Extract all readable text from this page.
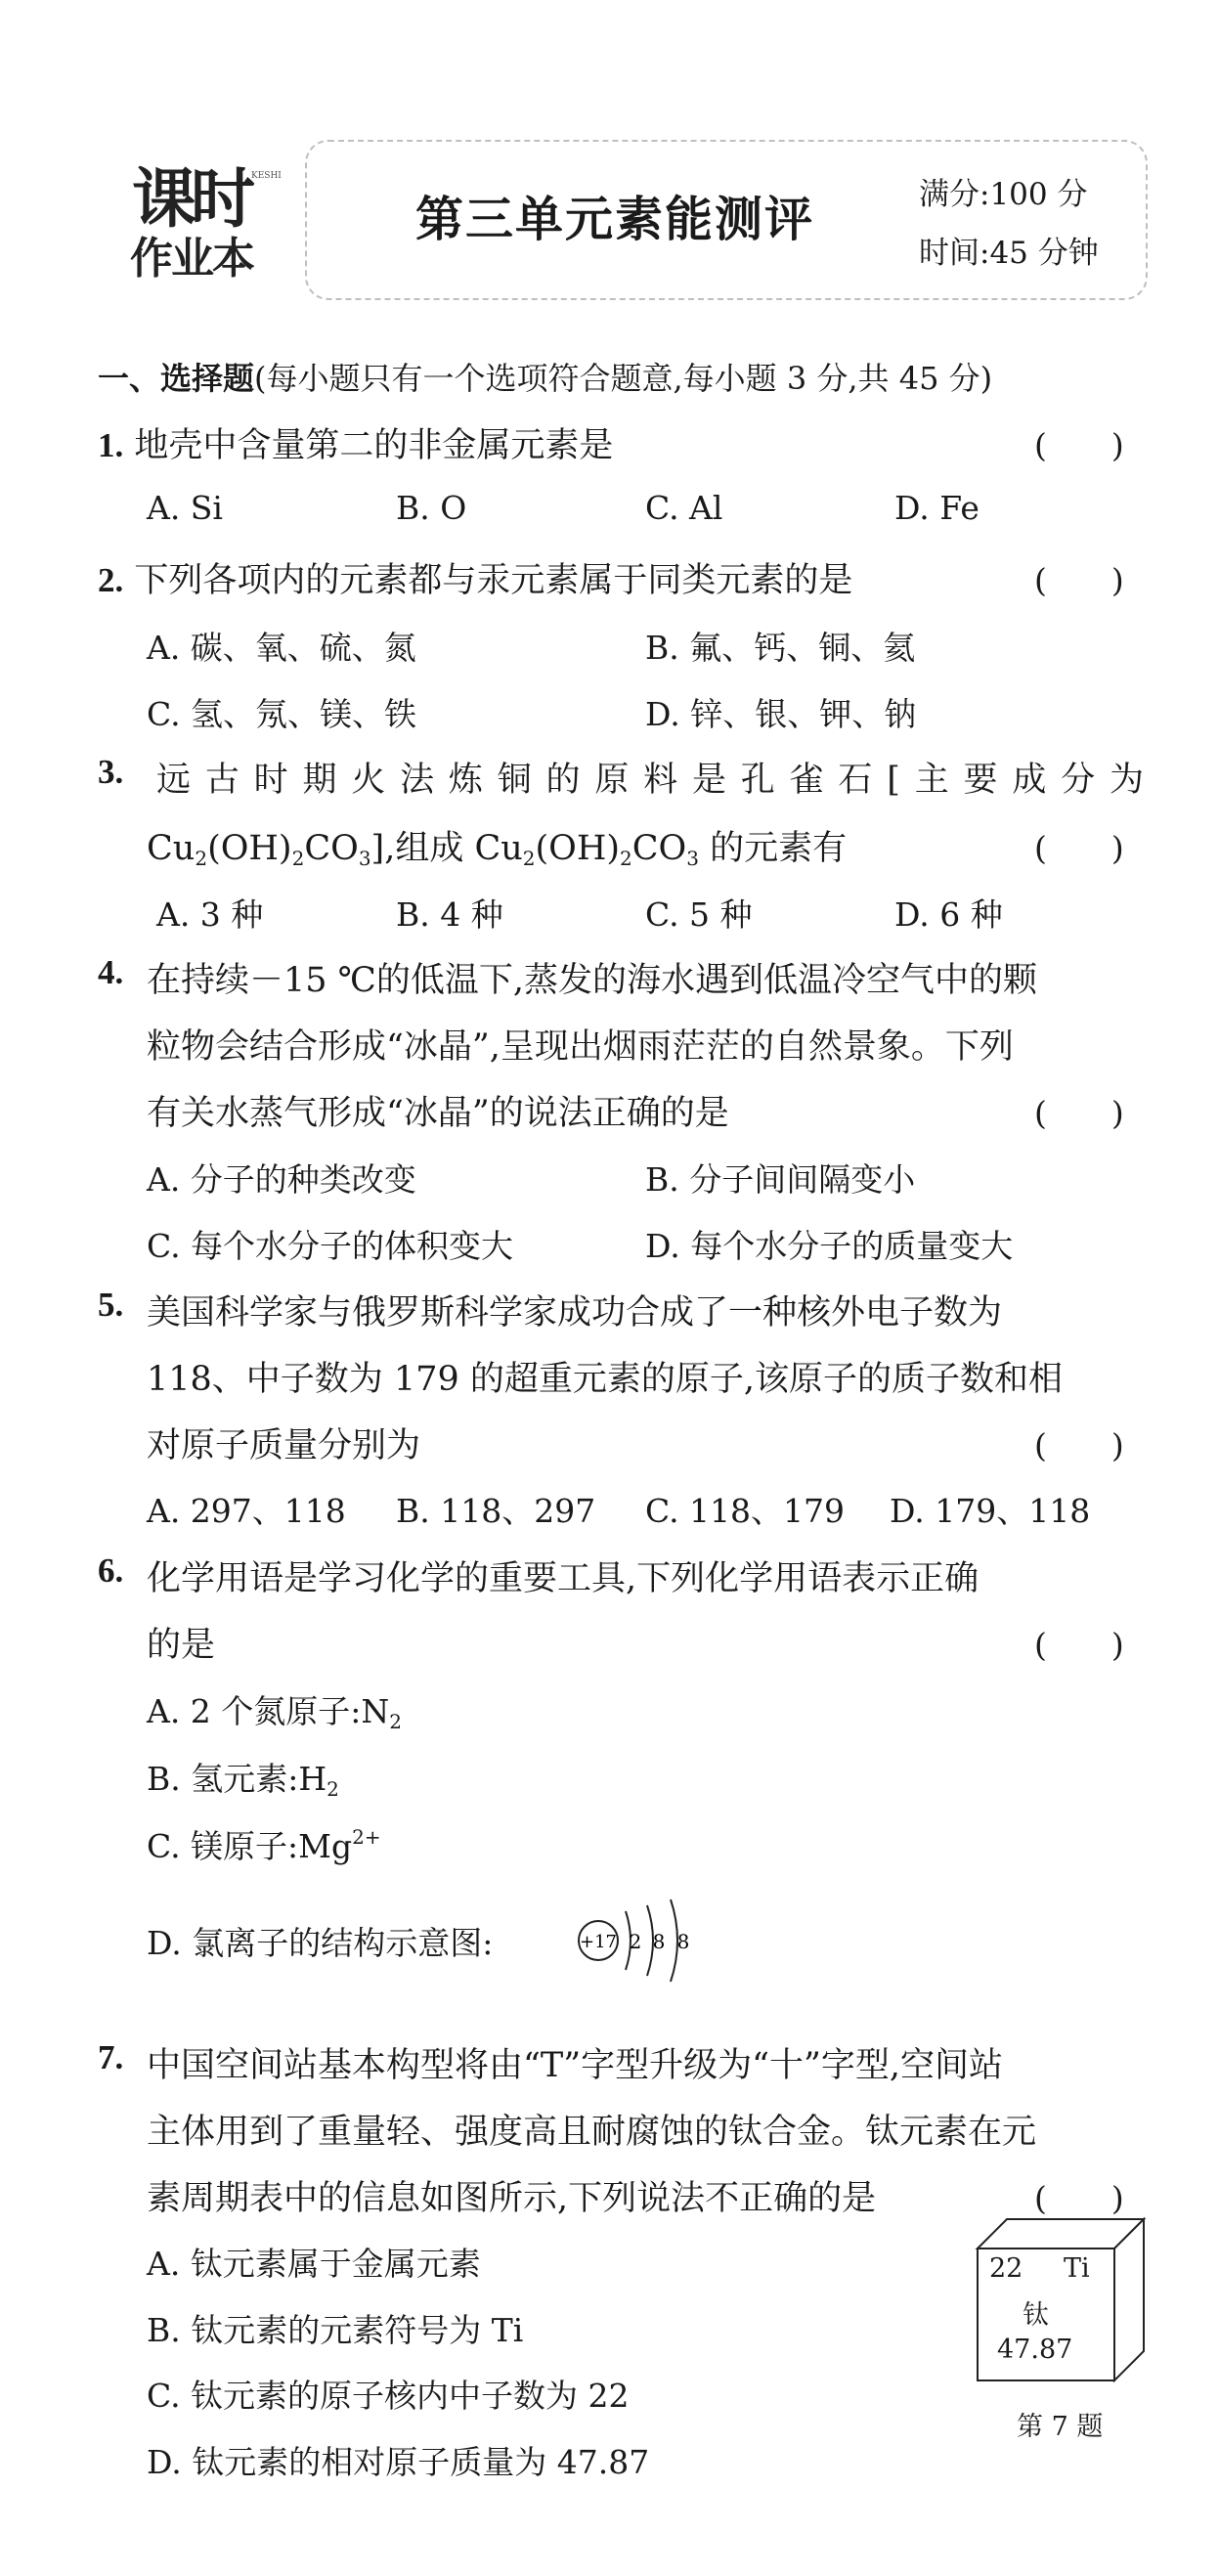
课时 KESHI
作业本
第三单元素能测评	满分:100 分
时间:45 分钟
一、选择题(每小题只有一个选项符合题意,每小题 3 分,共 45 分)
1. 地壳中含量第二的非金属元素是	(　　)
A. Si	B. O	C. Al	D. Fe
2. 下列各项内的元素都与汞元素属于同类元素的是	(　　)
A. 碳、氧、硫、氮	B. 氟、钙、铜、氦
C. 氢、氖、镁、铁	D. 锌、银、钾、钠
3. 远古时期火法炼铜的原料是孔雀石[主要成分为
$Cu_2(OH)_2CO_3$],组成 $Cu_2(OH)_2CO_3$ 的元素有	(　　)
A. 3 种	B. 4 种	C. 5 种	D. 6 种
4. 在持续－15 ℃的低温下,蒸发的海水遇到低温冷空气中的颗
粒物会结合形成“冰晶”,呈现出烟雨茫茫的自然景象。下列
有关水蒸气形成“冰晶”的说法正确的是	(　　)
A. 分子的种类改变	B. 分子间间隔变小
C. 每个水分子的体积变大	D. 每个水分子的质量变大
5. 美国科学家与俄罗斯科学家成功合成了一种核外电子数为
118、中子数为 179 的超重元素的原子,该原子的质子数和相
对原子质量分别为	(　　)
A. 297、118 B. 118、297 C. 118、179 D. 179、118
6. 化学用语是学习化学的重要工具,下列化学用语表示正确
的是	(　　)
A. 2 个氮原子$:N_2$
B. 氢元素$:H_2$
C. 镁原子$:Mg^{2+}$
D. 氯离子的结构示意图:	+17 2 8 8
7. 中国空间站基本构型将由“T”字型升级为“十”字型,空间站
主体用到了重量轻、强度高且耐腐蚀的钛合金。钛元素在元
素周期表中的信息如图所示,下列说法不正确的是	(　　)
A. 钛元素属于金属元素
B. 钛元素的元素符号为 Ti
C. 钛元素的原子核内中子数为 22
D. 钛元素的相对原子质量为 47.87
22 Ti
钛
47.87
第 7 题
